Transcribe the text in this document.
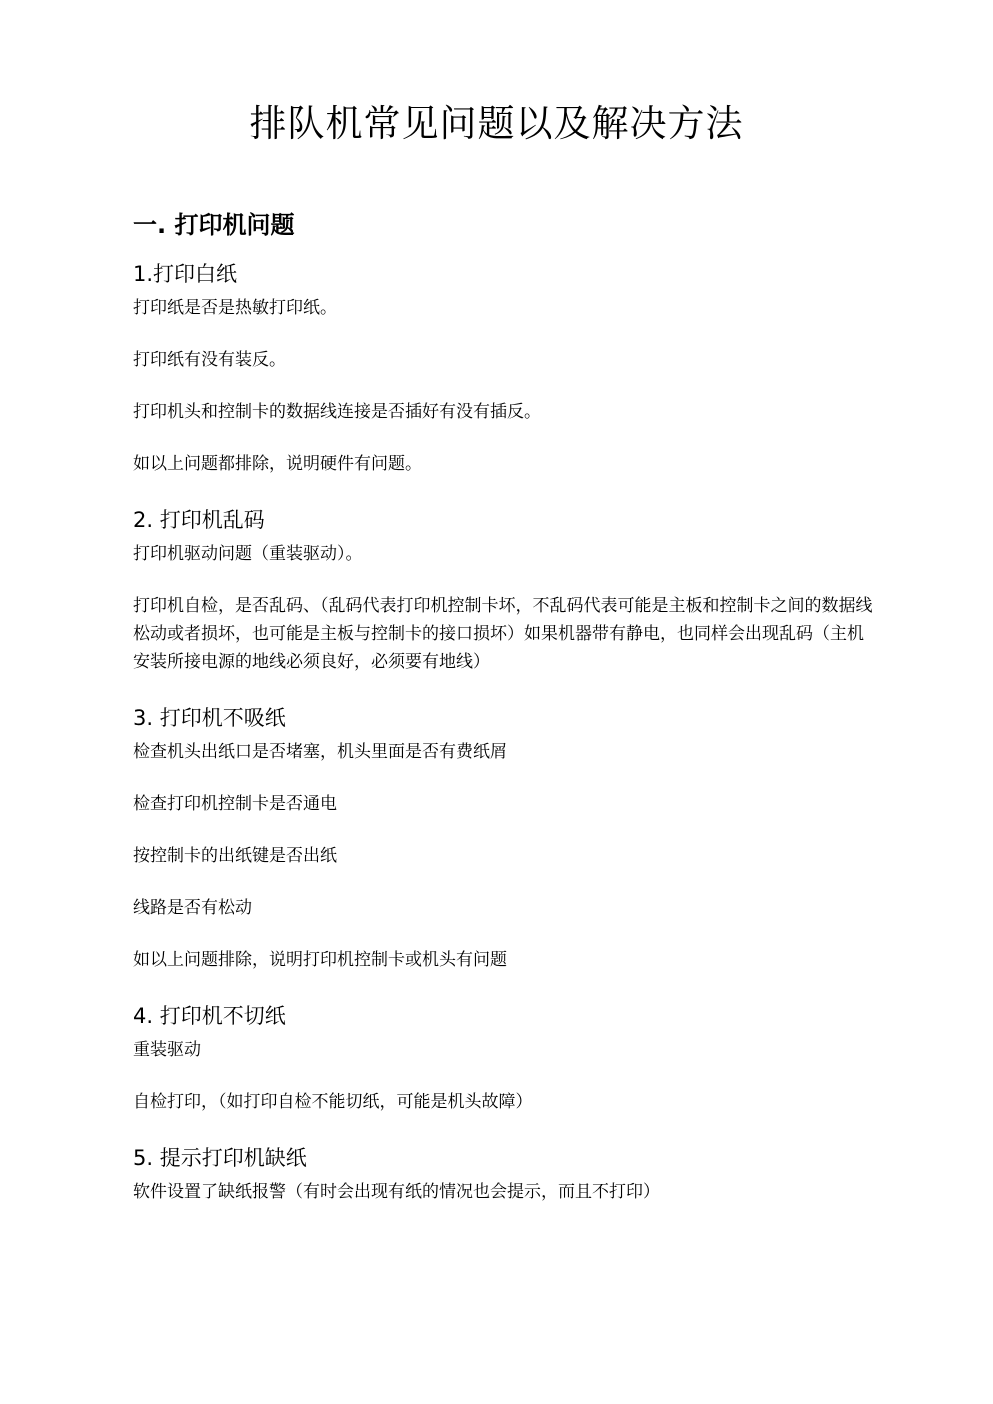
排队机常见问题以及解决方法
一. 打印机问题
1.打印白纸

打印纸是否是热敏打印纸。

打印纸有没有装反。

打印机头和控制卡的数据线连接是否插好有没有插反。

如以上问题都排除，说明硬件有问题。

2. 打印机乱码

打印机驱动问题（重装驱动）。

打印机自检，是否乱码、（乱码代表打印机控制卡坏，不乱码代表可能是主板和控制卡之间的数据线松动或者损坏，也可能是主板与控制卡的接口损坏）如果机器带有静电，也同样会出现乱码（主机安装所接电源的地线必须良好，必须要有地线）

3. 打印机不吸纸

检查机头出纸口是否堵塞，机头里面是否有费纸屑

检查打印机控制卡是否通电

按控制卡的出纸键是否出纸

线路是否有松动

如以上问题排除，说明打印机控制卡或机头有问题

4. 打印机不切纸

重装驱动

自检打印，（如打印自检不能切纸，可能是机头故障）

5. 提示打印机缺纸

软件设置了缺纸报警（有时会出现有纸的情况也会提示，而且不打印）
